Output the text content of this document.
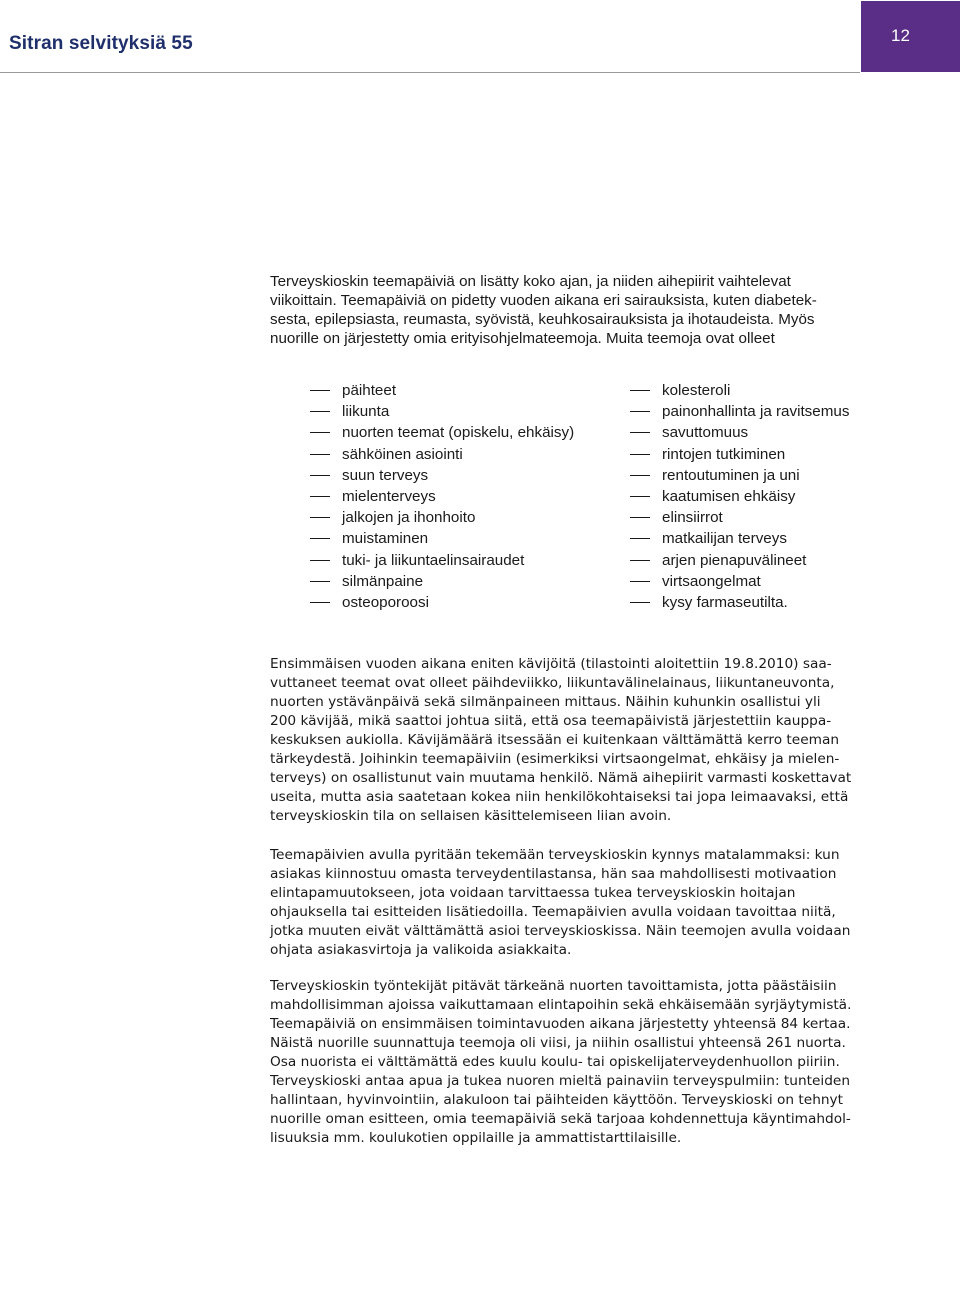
Sitran selvityksiä 55	12

Terveyskioskin teemapäiviä on lisätty koko ajan, ja niiden aihepiirit vaihtelevat
viikoittain. Teemapäiviä on pidetty vuoden aikana eri sairauksista, kuten diabetek-
sesta, epilepsiasta, reumasta, syövistä, keuhkosairauksista ja ihotaudeista. Myös
nuorille on järjestetty omia erityisohjelmateemoja. Muita teemoja ovat olleet

päihteet
liikunta
nuorten teemat (opiskelu, ehkäisy)
sähköinen asiointi
suun terveys
mielenterveys
jalkojen ja ihonhoito
muistaminen
tuki- ja liikuntaelinsairaudet
silmänpaine
osteoporoosi
kolesteroli
painonhallinta ja ravitsemus
savuttomuus
rintojen tutkiminen
rentoutuminen ja uni
kaatumisen ehkäisy
elinsiirrot
matkailijan terveys
arjen pienapuvälineet
virtsaongelmat
kysy farmaseutilta.

Ensimmäisen vuoden aikana eniten kävijöitä (tilastointi aloitettiin 19.8.2010) saa-
vuttaneet teemat ovat olleet päihdeviikko, liikuntavälinelainaus, liikuntaneuvonta,
nuorten ystävänpäivä sekä silmänpaineen mittaus. Näihin kuhunkin osallistui yli
200 kävijää, mikä saattoi johtua siitä, että osa teemapäivistä järjestettiin kauppa-
keskuksen aukiolla. Kävijämäärä itsessään ei kuitenkaan välttämättä kerro teeman
tärkeydestä. Joihinkin teemapäiviin (esimerkiksi virtsaongelmat, ehkäisy ja mielen-
terveys) on osallistunut vain muutama henkilö. Nämä aihepiirit varmasti koskettavat
useita, mutta asia saatetaan kokea niin henkilökohtaiseksi tai jopa leimaavaksi, että
terveyskioskin tila on sellaisen käsittelemiseen liian avoin.

Teemapäivien avulla pyritään tekemään terveyskioskin kynnys matalammaksi: kun
asiakas kiinnostuu omasta terveydentilastansa, hän saa mahdollisesti motivaation
elintapamuutokseen, jota voidaan tarvittaessa tukea terveyskioskin hoitajan
ohjauksella tai esitteiden lisätiedoilla. Teemapäivien avulla voidaan tavoittaa niitä,
jotka muuten eivät välttämättä asioi terveyskioskissa. Näin teemojen avulla voidaan
ohjata asiakasvirtoja ja valikoida asiakkaita.

Terveyskioskin työntekijät pitävät tärkeänä nuorten tavoittamista, jotta päästäisiin
mahdollisimman ajoissa vaikuttamaan elintapoihin sekä ehkäisemään syrjäytymistä.
Teemapäiviä on ensimmäisen toimintavuoden aikana järjestetty yhteensä 84 kertaa.
Näistä nuorille suunnattuja teemoja oli viisi, ja niihin osallistui yhteensä 261 nuorta.
Osa nuorista ei välttämättä edes kuulu koulu- tai opiskelijaterveydenhuollon piiriin.
Terveyskioski antaa apua ja tukea nuoren mieltä painaviin terveyspulmiin: tunteiden
hallintaan, hyvinvointiin, alakuloon tai päihteiden käyttöön. Terveyskioski on tehnyt
nuorille oman esitteen, omia teemapäiviä sekä tarjoaa kohdennettuja käyntimahdol-
lisuuksia mm. koulukotien oppilaille ja ammattistarttilaisille.
